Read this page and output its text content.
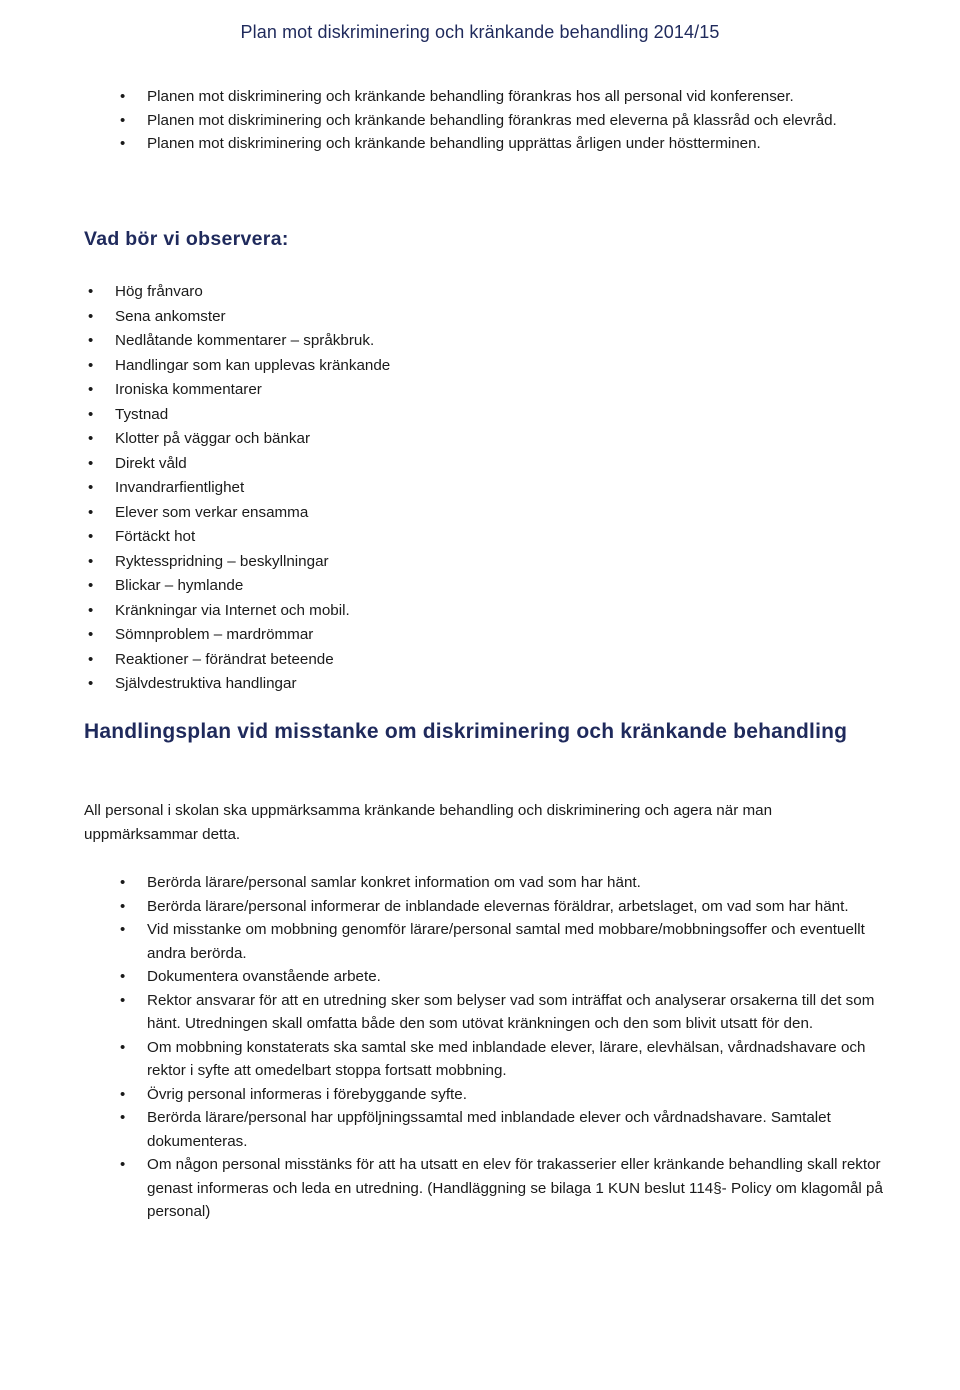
Plan mot diskriminering och kränkande behandling 2014/15
• Planen mot diskriminering och kränkande behandling förankras hos all personal vid konferenser.
• Planen mot diskriminering och kränkande behandling förankras med eleverna på klassråd och elevråd.
• Planen mot diskriminering och kränkande behandling upprättas årligen under höstterminen.
Vad bör vi observera:
• Hög frånvaro
• Sena ankomster
• Nedlåtande kommentarer – språkbruk.
• Handlingar som kan upplevas kränkande
• Ironiska kommentarer
• Tystnad
• Klotter på väggar och bänkar
• Direkt våld
• Invandrarfientlighet
• Elever som verkar ensamma
• Förtäckt hot
• Ryktesspridning – beskyllningar
• Blickar – hymlande
• Kränkningar via Internet och mobil.
• Sömnproblem – mardrömmar
• Reaktioner – förändrat beteende
• Självdestruktiva handlingar
Handlingsplan vid misstanke om diskriminering och kränkande behandling
All personal i skolan ska uppmärksamma kränkande behandling och diskriminering och agera när man uppmärksammar detta.
• Berörda lärare/personal samlar konkret information om vad som har hänt.
• Berörda lärare/personal informerar de inblandade elevernas föräldrar, arbetslaget, om vad som har hänt.
• Vid misstanke om mobbning genomför lärare/personal samtal med mobbare/mobbningsoffer och eventuellt andra berörda.
• Dokumentera ovanstående arbete.
• Rektor ansvarar för att en utredning sker som belyser vad som inträffat och analyserar orsakerna till det som hänt. Utredningen skall omfatta både den som utövat kränkningen och den som blivit utsatt för den.
• Om mobbning konstaterats ska samtal ske med inblandade elever, lärare, elevhälsan, vårdnadshavare och rektor i syfte att omedelbart stoppa fortsatt mobbning.
• Övrig personal informeras i förebyggande syfte.
• Berörda lärare/personal har uppföljningssamtal med inblandade elever och vårdnadshavare. Samtalet dokumenteras.
• Om någon personal misstänks för att ha utsatt en elev för trakasserier eller kränkande behandling skall rektor genast informeras och leda en utredning. (Handläggning se bilaga 1 KUN beslut 114§- Policy om klagomål på personal)
